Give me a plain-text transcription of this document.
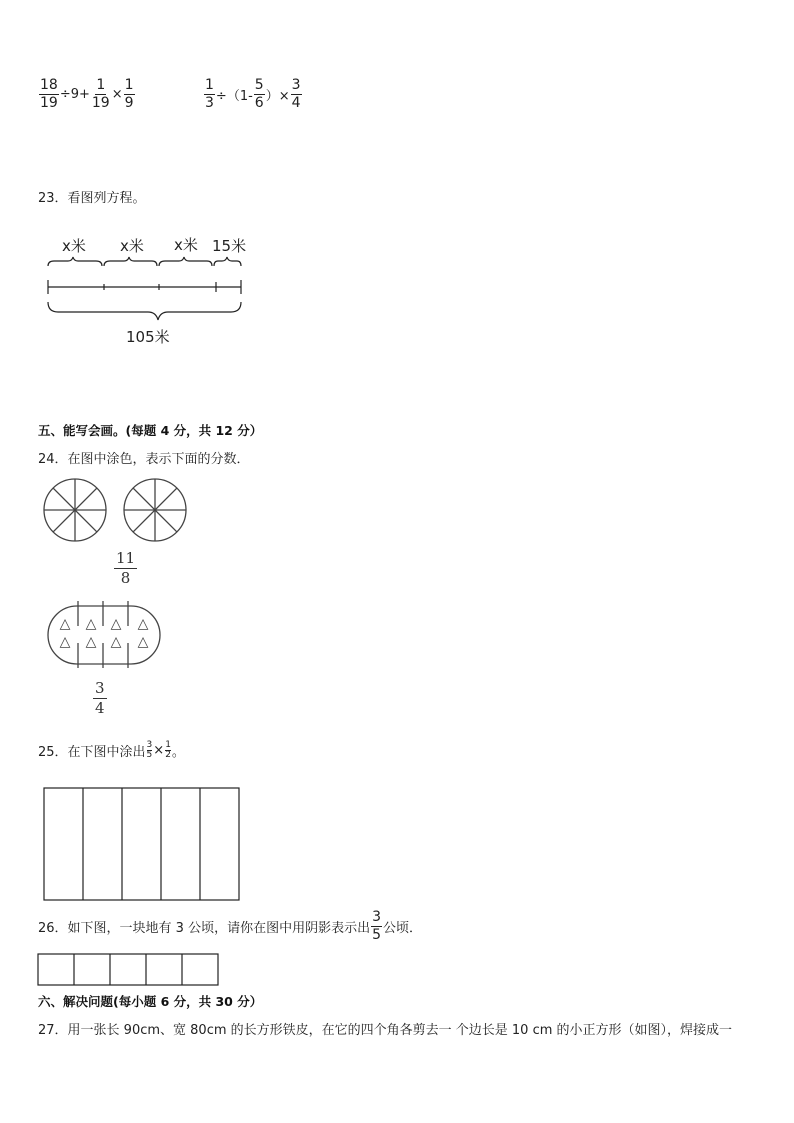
$\frac{18}{19} \div 9+ \frac{1}{19} \times \frac{1}{9}$	$\frac{1}{3} \div(1- \frac{5}{6}$ ）× $\frac{3}{4}$
23．看图列方程。
x米 x米 x米 15米
105米
五、能写会画。(每题 4 分，共 12 分）
24．在图中涂色，表示下面的分数．
11
8
△
△
△
△
△
△
△
△
3
4
25．在下图中涂出 $\frac{3}{5} \times \frac{1}{2}$ 。
26．如下图，一块地有 3 公顷，请你在图中用阴影表示出 $\frac{3}{5}$ 公顷．
六、解决问题(每小题 6 分，共 30 分）
27．用一张长 90cm、宽 80cm 的长方形铁皮，在它的四个角各剪去一 个边长是 10 cm 的小正方形（如图），焊接成一
